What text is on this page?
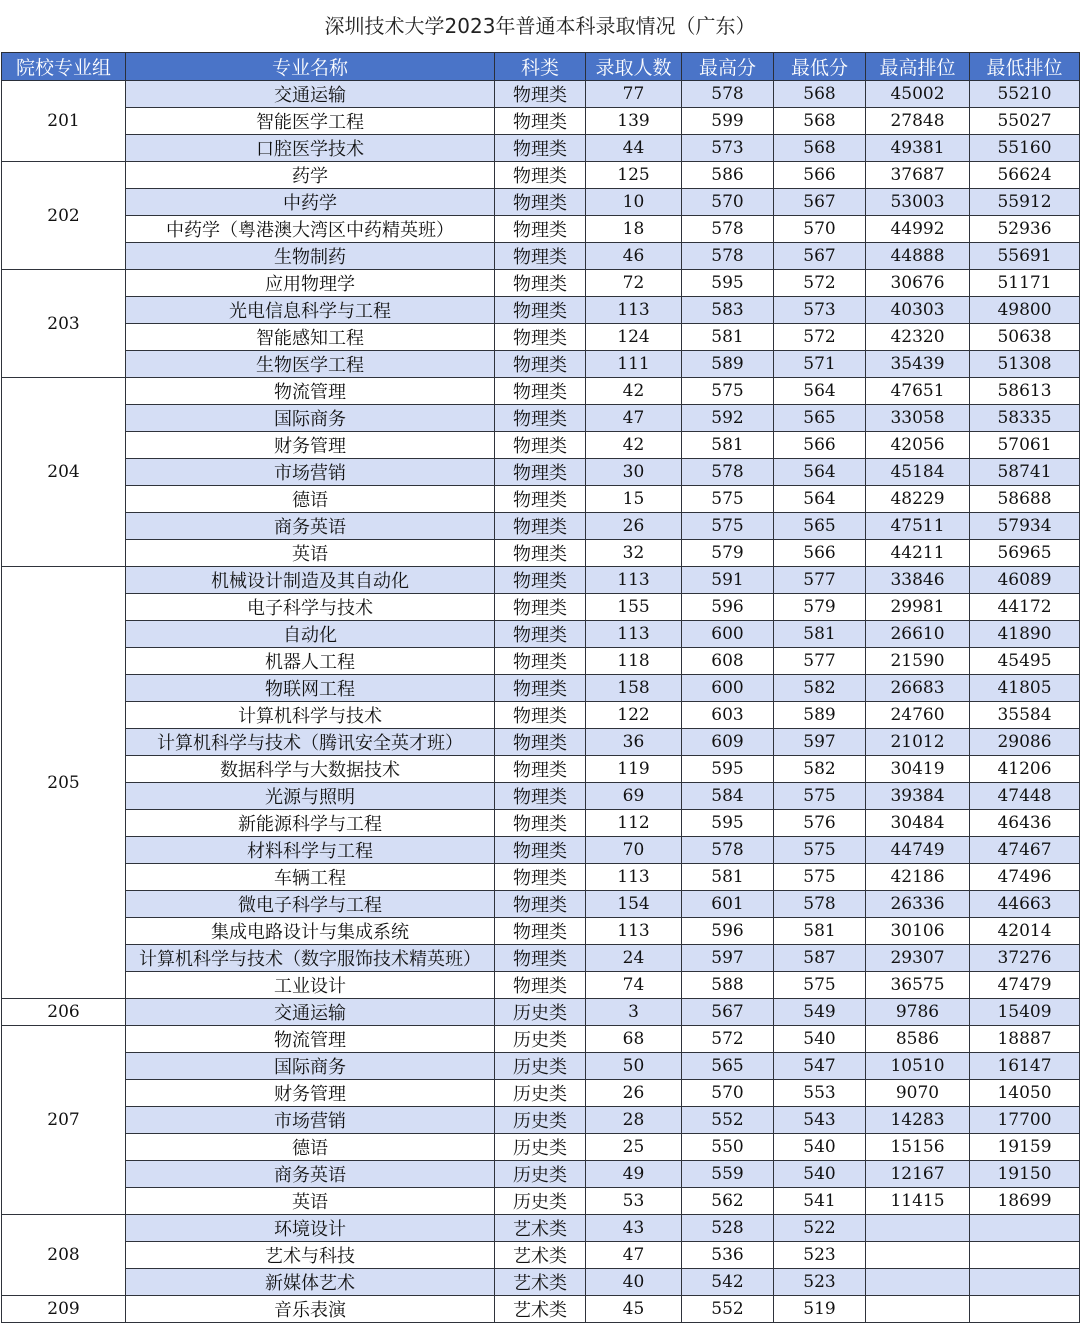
深圳技术大学2023年普通本科录取情况（广东）
院校专业组	专业名称	科类	录取人数	最高分	最低分	最高排位	最低排位
201	交通运输	物理类	77	578	568	45002	55210
	智能医学工程	物理类	139	599	568	27848	55027
	口腔医学技术	物理类	44	573	568	49381	55160
202	药学	物理类	125	586	566	37687	56624
	中药学	物理类	10	570	567	53003	55912
	中药学（粤港澳大湾区中药精英班）	物理类	18	578	570	44992	52936
	生物制药	物理类	46	578	567	44888	55691
203	应用物理学	物理类	72	595	572	30676	51171
	光电信息科学与工程	物理类	113	583	573	40303	49800
	智能感知工程	物理类	124	581	572	42320	50638
	生物医学工程	物理类	111	589	571	35439	51308
204	物流管理	物理类	42	575	564	47651	58613
	国际商务	物理类	47	592	565	33058	58335
	财务管理	物理类	42	581	566	42056	57061
	市场营销	物理类	30	578	564	45184	58741
	德语	物理类	15	575	564	48229	58688
	商务英语	物理类	26	575	565	47511	57934
	英语	物理类	32	579	566	44211	56965
205	机械设计制造及其自动化	物理类	113	591	577	33846	46089
	电子科学与技术	物理类	155	596	579	29981	44172
	自动化	物理类	113	600	581	26610	41890
	机器人工程	物理类	118	608	577	21590	45495
	物联网工程	物理类	158	600	582	26683	41805
	计算机科学与技术	物理类	122	603	589	24760	35584
	计算机科学与技术（腾讯安全英才班）	物理类	36	609	597	21012	29086
	数据科学与大数据技术	物理类	119	595	582	30419	41206
	光源与照明	物理类	69	584	575	39384	47448
	新能源科学与工程	物理类	112	595	576	30484	46436
	材料科学与工程	物理类	70	578	575	44749	47467
	车辆工程	物理类	113	581	575	42186	47496
	微电子科学与工程	物理类	154	601	578	26336	44663
	集成电路设计与集成系统	物理类	113	596	581	30106	42014
	计算机科学与技术（数字服饰技术精英班）	物理类	24	597	587	29307	37276
	工业设计	物理类	74	588	575	36575	47479
206	交通运输	历史类	3	567	549	9786	15409
207	物流管理	历史类	68	572	540	8586	18887
	国际商务	历史类	50	565	547	10510	16147
	财务管理	历史类	26	570	553	9070	14050
	市场营销	历史类	28	552	543	14283	17700
	德语	历史类	25	550	540	15156	19159
	商务英语	历史类	49	559	540	12167	19150
	英语	历史类	53	562	541	11415	18699
208	环境设计	艺术类	43	528	522		
	艺术与科技	艺术类	47	536	523		
	新媒体艺术	艺术类	40	542	523		
209	音乐表演	艺术类	45	552	519		
